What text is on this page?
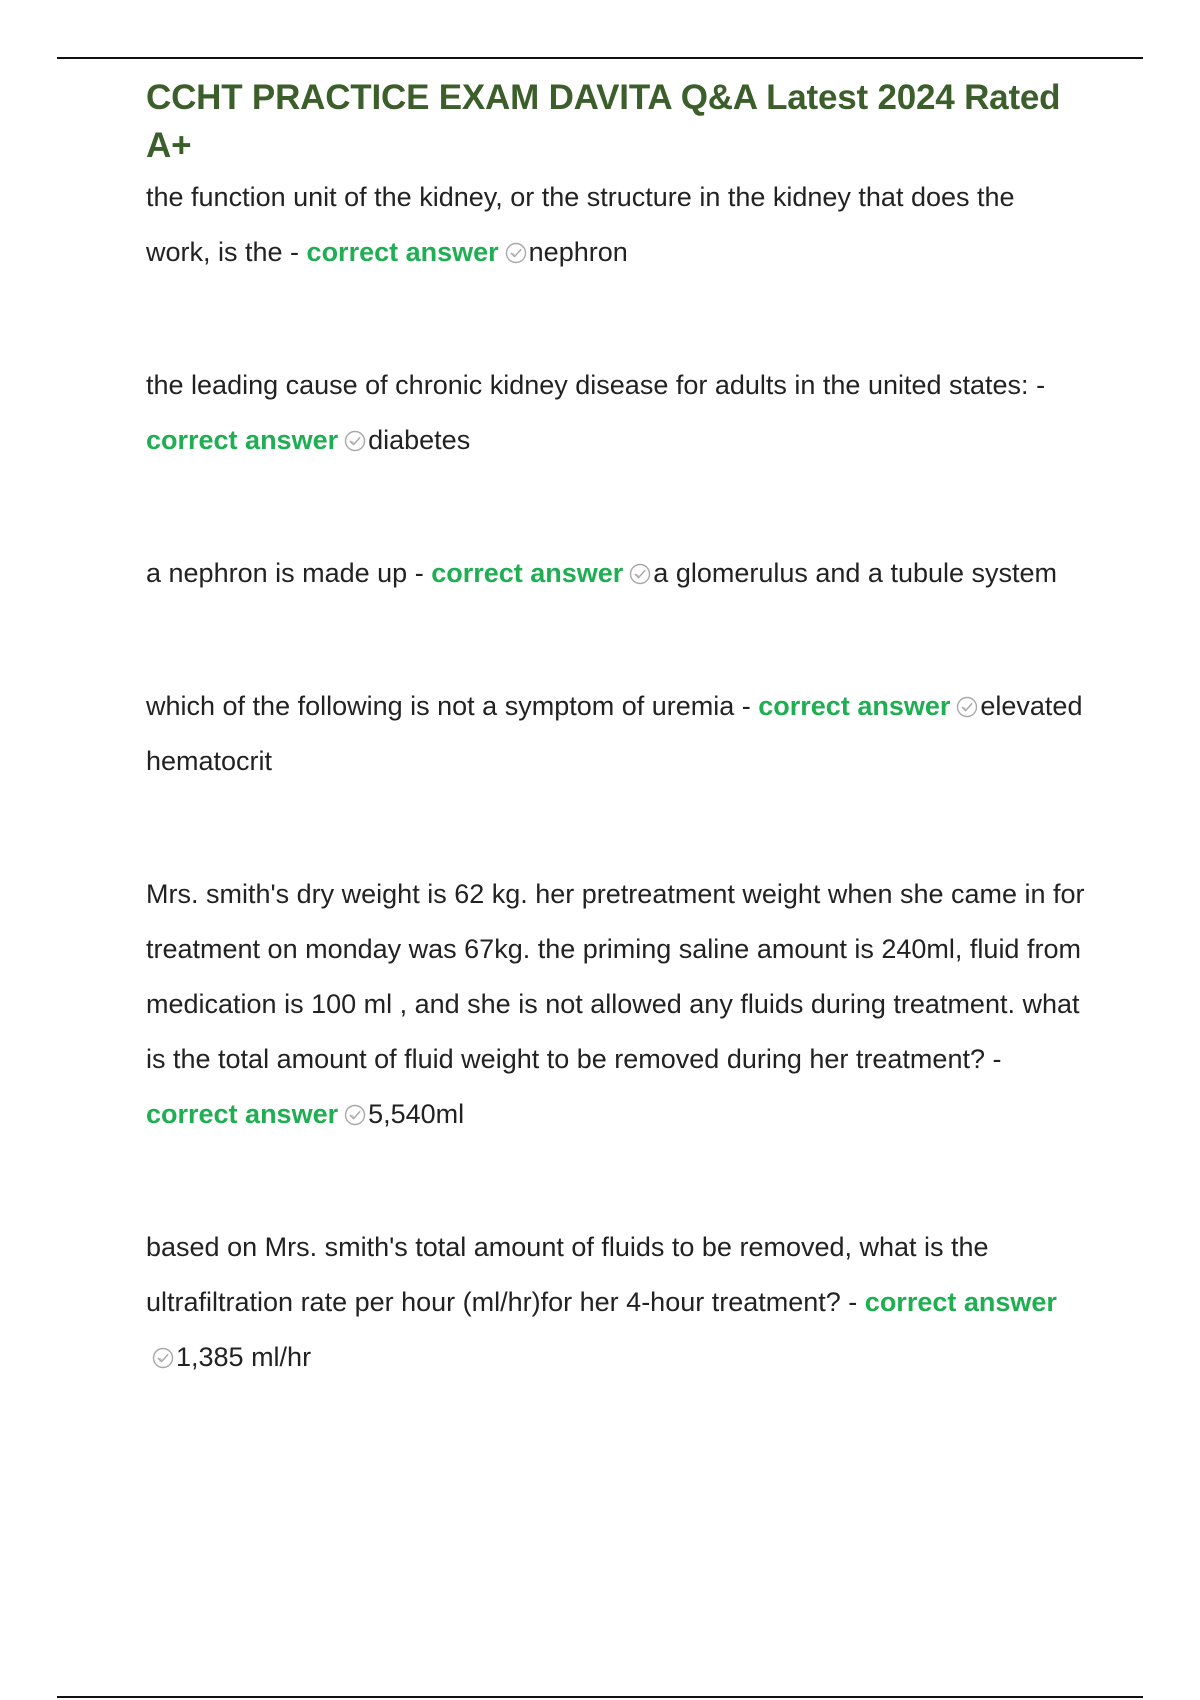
CCHT PRACTICE EXAM DAVITA Q&A Latest 2024 Rated A+
the function unit of the kidney, or the structure in the kidney that does the work, is the - correct answer nephron
the leading cause of chronic kidney disease for adults in the united states: - correct answer diabetes
a nephron is made up - correct answer a glomerulus and a tubule system
which of the following is not a symptom of uremia - correct answer elevated hematocrit
Mrs. smith's dry weight is 62 kg. her pretreatment weight when she came in for treatment on monday was 67kg. the priming saline amount is 240ml, fluid from medication is 100 ml , and she is not allowed any fluids during treatment. what is the total amount of fluid weight to be removed during her treatment? - correct answer 5,540ml
based on Mrs. smith's total amount of fluids to be removed, what is the ultrafiltration rate per hour (ml/hr)for her 4-hour treatment? - correct answer
1,385 ml/hr
